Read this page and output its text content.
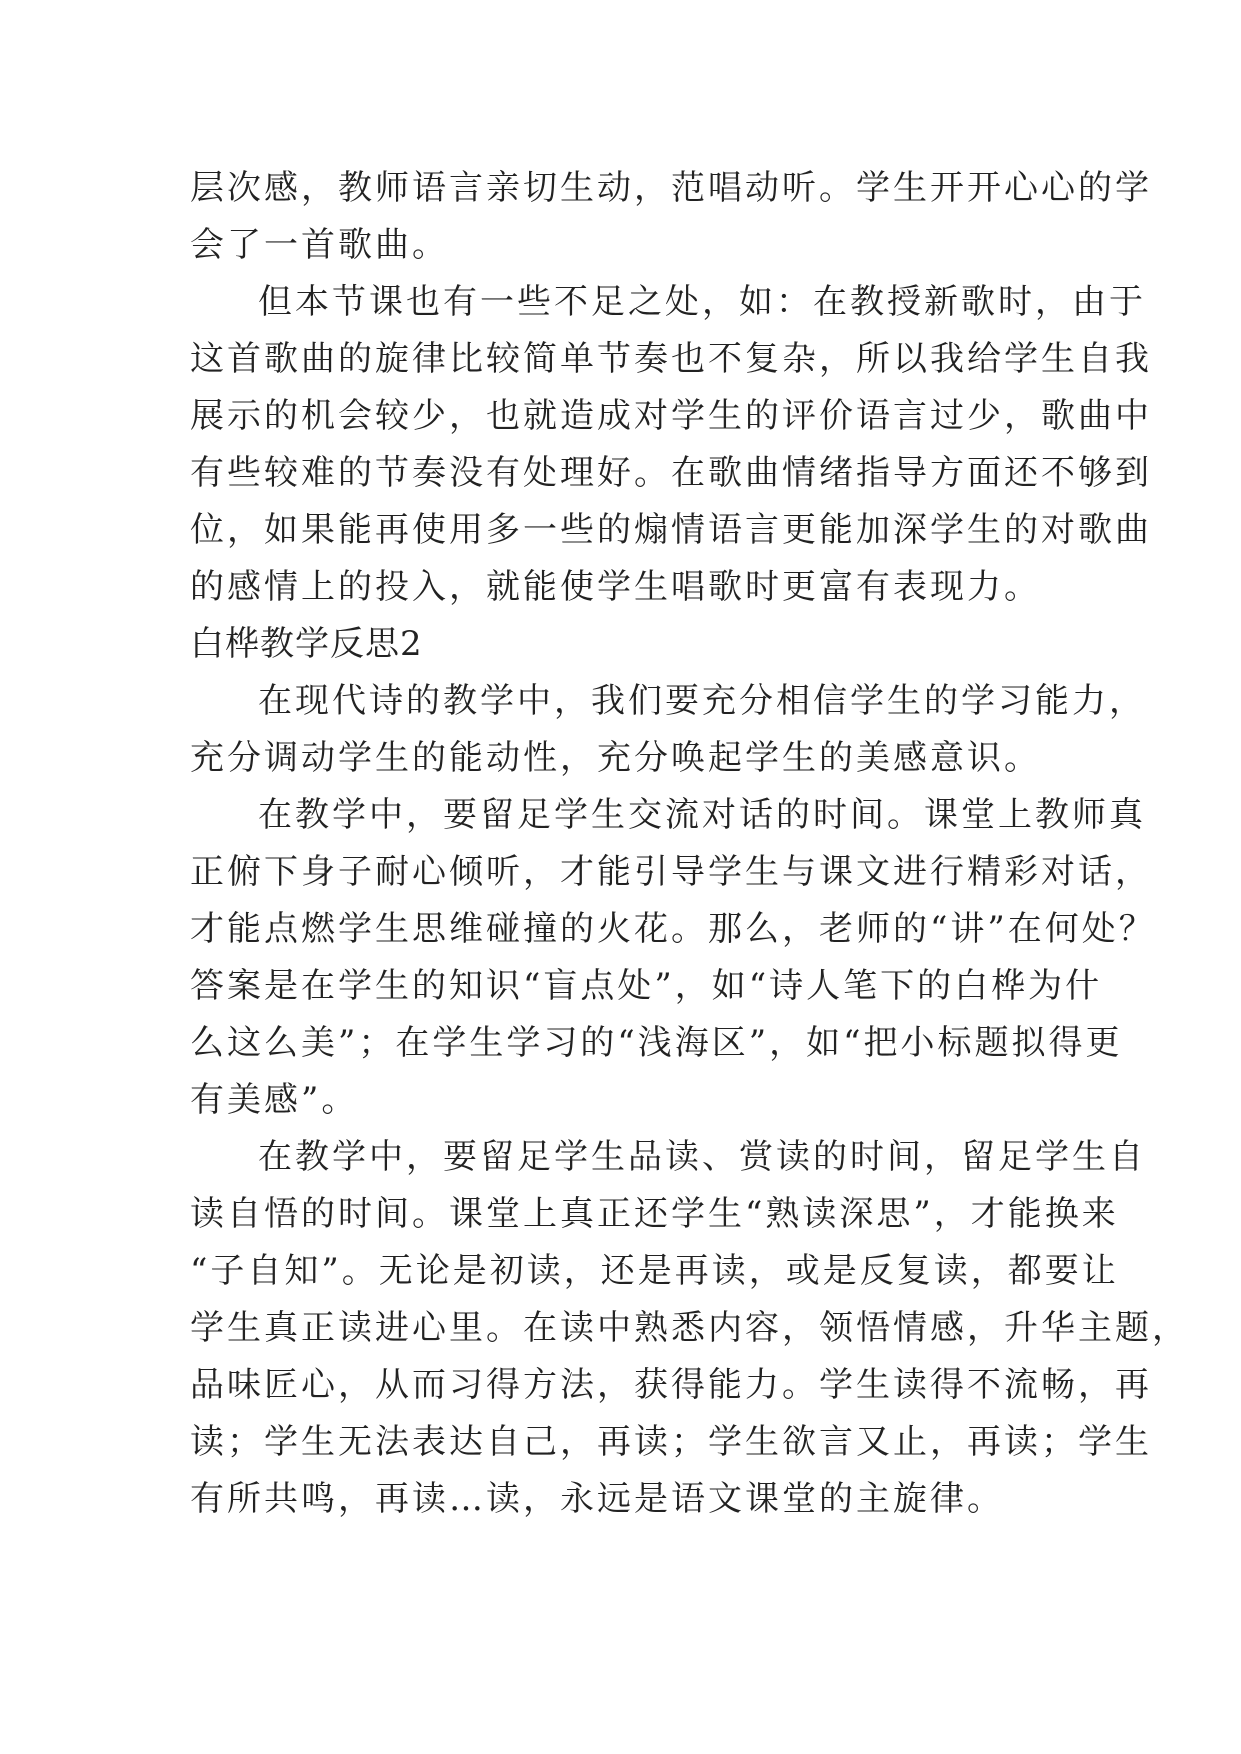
层次感，教师语言亲切生动，范唱动听。学生开开心心的学
会了一首歌曲。
但本节课也有一些不足之处，如：在教授新歌时，由于
这首歌曲的旋律比较简单节奏也不复杂，所以我给学生自我
展示的机会较少，也就造成对学生的评价语言过少，歌曲中
有些较难的节奏没有处理好。在歌曲情绪指导方面还不够到
位，如果能再使用多一些的煽情语言更能加深学生的对歌曲
的感情上的投入，就能使学生唱歌时更富有表现力。
白桦教学反思2
在现代诗的教学中，我们要充分相信学生的学习能力，
充分调动学生的能动性，充分唤起学生的美感意识。
在教学中，要留足学生交流对话的时间。课堂上教师真
正俯下身子耐心倾听，才能引导学生与课文进行精彩对话，
才能点燃学生思维碰撞的火花。那么，老师的“讲”在何处？
答案是在学生的知识“盲点处”，如“诗人笔下的白桦为什
么这么美”；在学生学习的“浅海区”，如“把小标题拟得更
有美感”。
在教学中，要留足学生品读、赏读的时间，留足学生自
读自悟的时间。课堂上真正还学生“熟读深思”，才能换来
“子自知”。无论是初读，还是再读，或是反复读，都要让
学生真正读进心里。在读中熟悉内容，领悟情感，升华主题，
品味匠心，从而习得方法，获得能力。学生读得不流畅，再
读；学生无法表达自己，再读；学生欲言又止，再读；学生
有所共鸣，再读…读，永远是语文课堂的主旋律。
